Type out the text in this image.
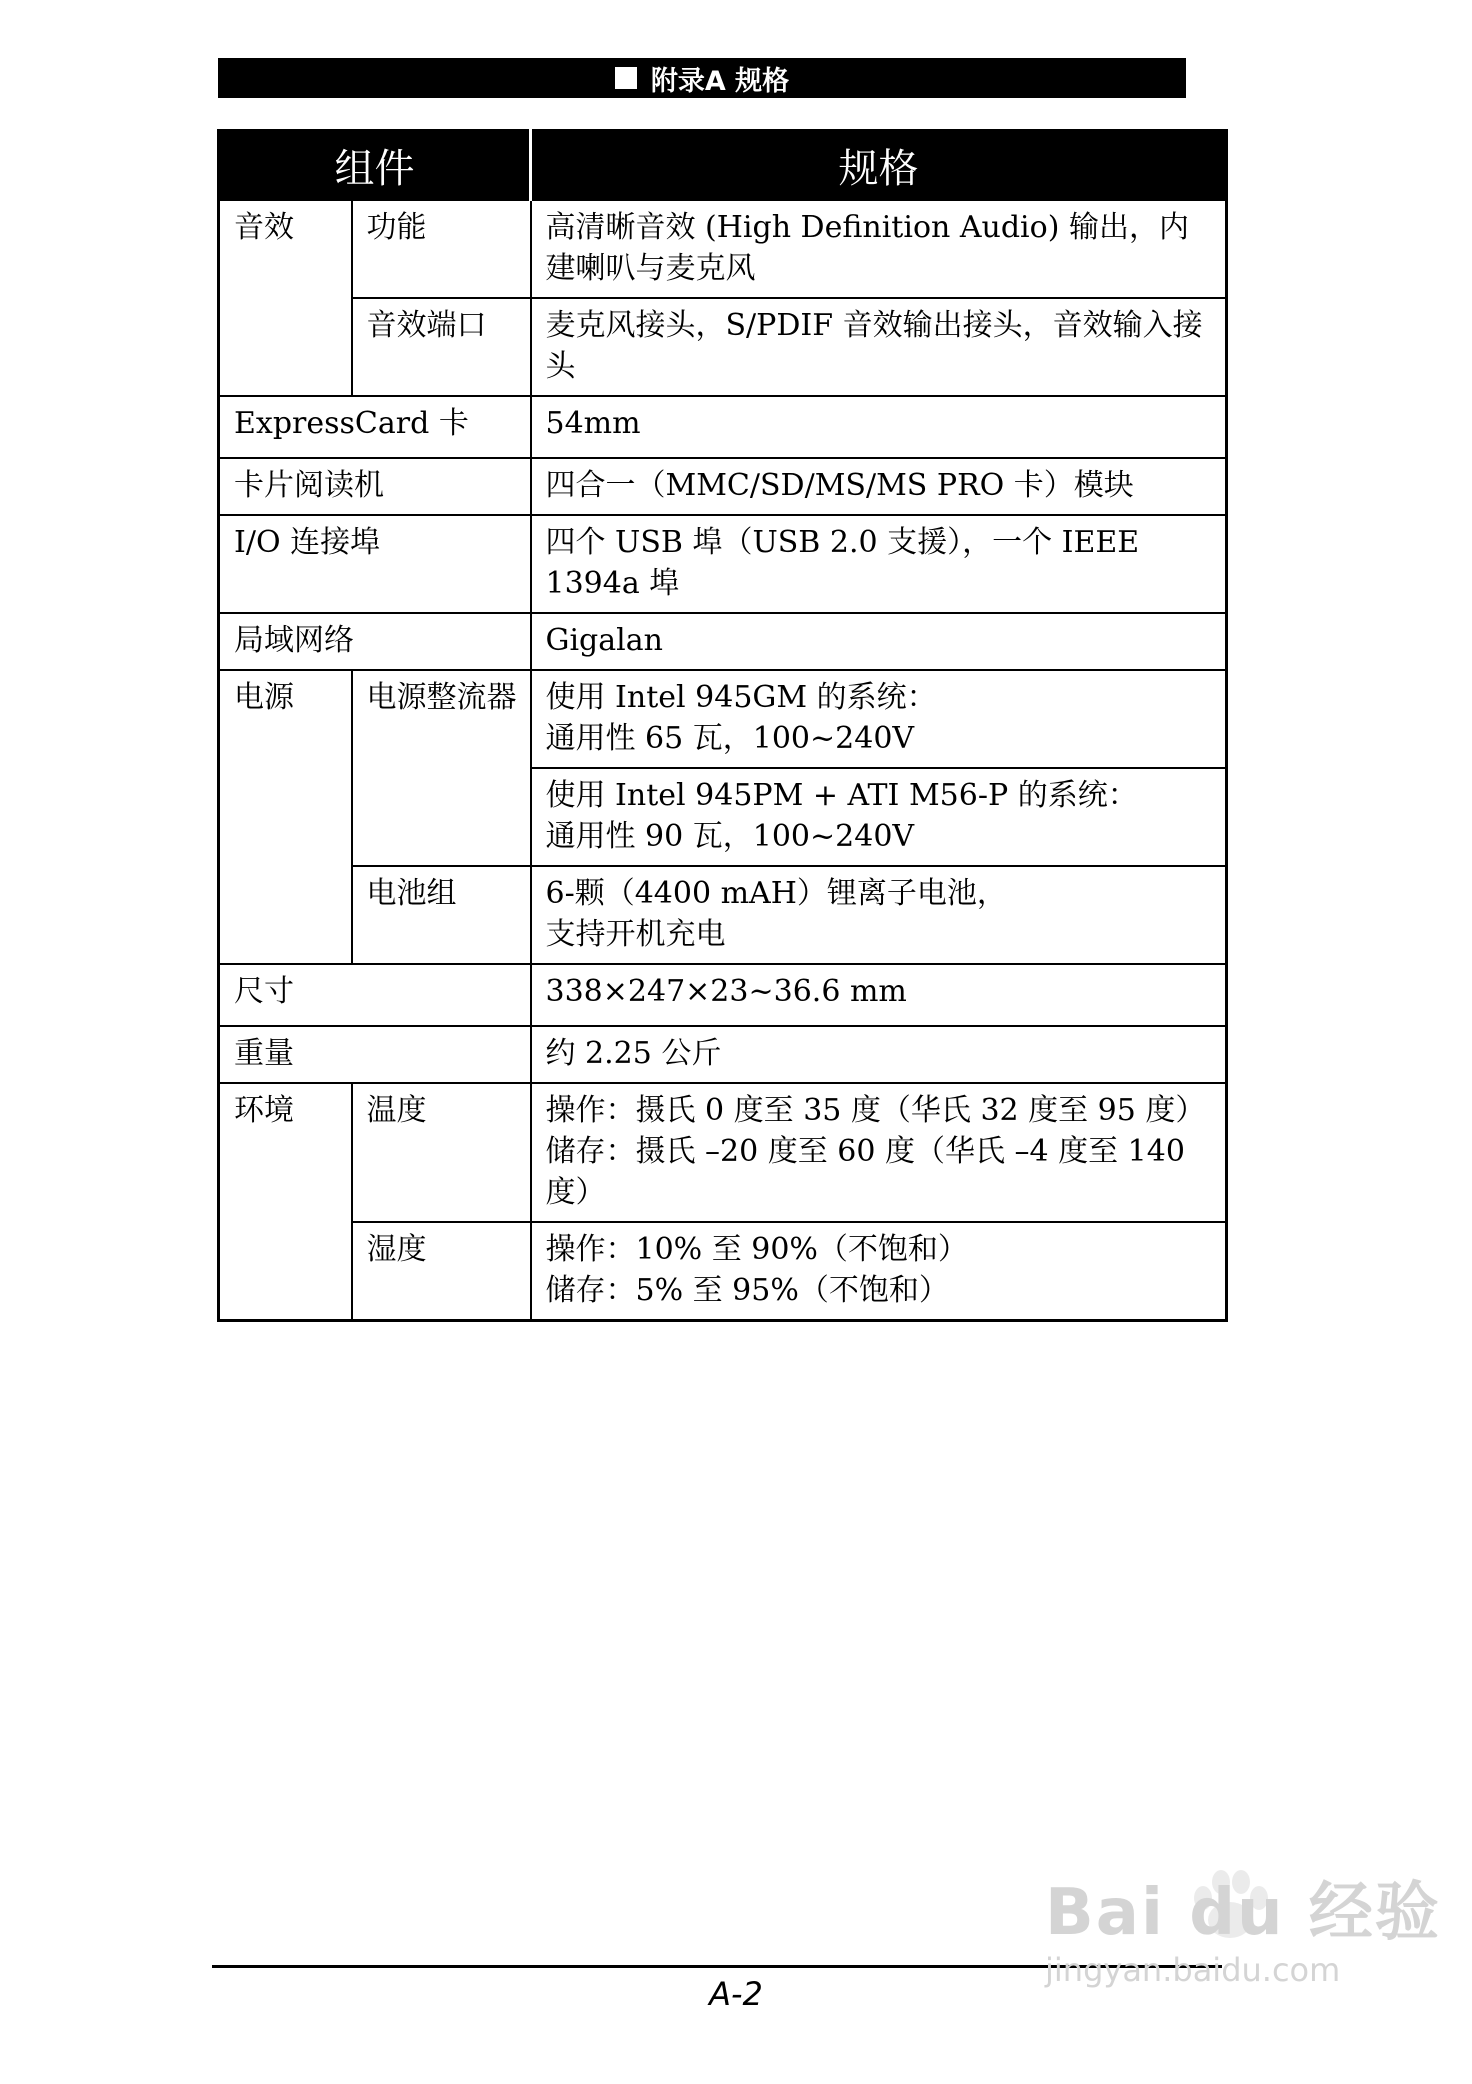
附录A 规格
组件		规格
音效	功能	高清晰音效 (High Definition Audio) 输出，内建喇叭与麦克风
	音效端口	麦克风接头，S/PDIF 音效输出接头，音效输入接头
ExpressCard 卡		54mm
卡片阅读机		四合一（MMC/SD/MS/MS PRO 卡）模块
I/O 连接埠		四个 USB 埠（USB 2.0 支援），一个 IEEE 1394a 埠
局域网络		Gigalan
电源	电源整流器	使用 Intel 945GM 的系统：
通用性 65 瓦，100~240V

		使用 Intel 945PM + ATI M56-P 的系统：
通用性 90 瓦，100~240V

	电池组	6-颗（4400 mAH）锂离子电池，
支持开机充电

尺寸		338×247×23~36.6 mm
重量		约 2.25 公斤
环境	温度	操作：摄氏 0 度至 35 度（华氏 32 度至 95 度）
储存：摄氏 –20 度至 60 度（华氏 –4 度至 140 度）

	湿度	操作：10% 至 90%（不饱和）
储存：5% 至 95%（不饱和）
A-2
Bai du 经验
jingyan.baidu.com
